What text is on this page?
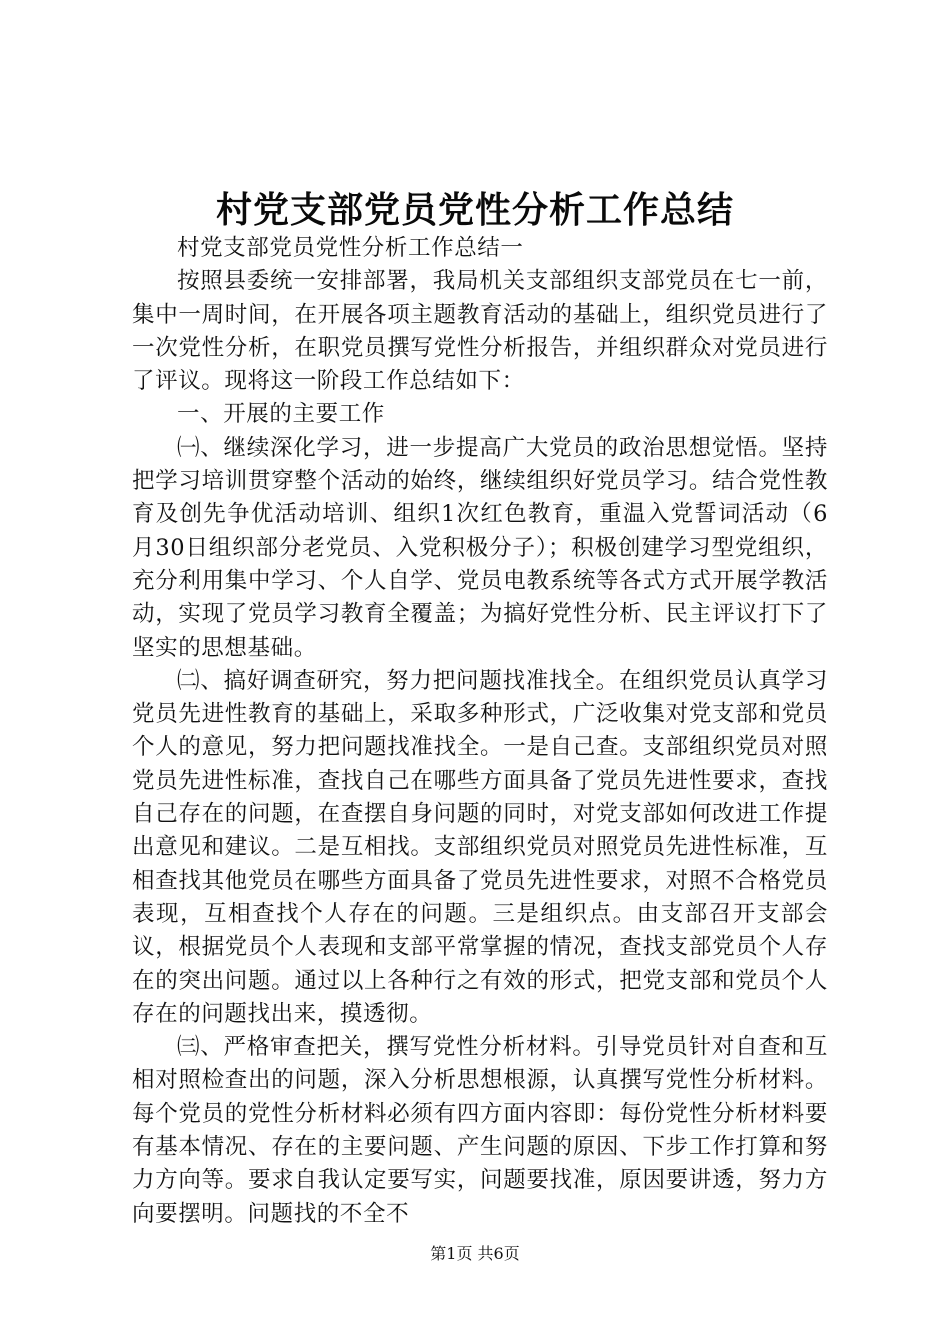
村党支部党员党性分析工作总结

村党支部党员党性分析工作总结一

按照县委统一安排部署，我局机关支部组织支部党员在七一前，集中一周时间，在开展各项主题教育活动的基础上，组织党员进行了一次党性分析，在职党员撰写党性分析报告，并组织群众对党员进行了评议。现将这一阶段工作总结如下：

一、开展的主要工作

㈠、继续深化学习，进一步提高广大党员的政治思想觉悟。坚持把学习培训贯穿整个活动的始终，继续组织好党员学习。结合党性教育及创先争优活动培训、组织1次红色教育，重温入党誓词活动（6月30日组织部分老党员、入党积极分子）；积极创建学习型党组织，充分利用集中学习、个人自学、党员电教系统等各式方式开展学教活动，实现了党员学习教育全覆盖；为搞好党性分析、民主评议打下了坚实的思想基础。

㈡、搞好调查研究，努力把问题找准找全。在组织党员认真学习党员先进性教育的基础上，采取多种形式，广泛收集对党支部和党员个人的意见，努力把问题找准找全。一是自己查。支部组织党员对照党员先进性标准，查找自己在哪些方面具备了党员先进性要求，查找自己存在的问题，在查摆自身问题的同时，对党支部如何改进工作提出意见和建议。二是互相找。支部组织党员对照党员先进性标准，互相查找其他党员在哪些方面具备了党员先进性要求，对照不合格党员表现，互相查找个人存在的问题。三是组织点。由支部召开支部会议，根据党员个人表现和支部平常掌握的情况，查找支部党员个人存在的突出问题。通过以上各种行之有效的形式，把党支部和党员个人存在的问题找出来，摸透彻。

㈢、严格审查把关，撰写党性分析材料。引导党员针对自查和互相对照检查出的问题，深入分析思想根源，认真撰写党性分析材料。每个党员的党性分析材料必须有四方面内容即：每份党性分析材料要有基本情况、存在的主要问题、产生问题的原因、下步工作打算和努力方向等。要求自我认定要写实，问题要找准，原因要讲透，努力方向要摆明。问题找的不全不

第1页 共6页
